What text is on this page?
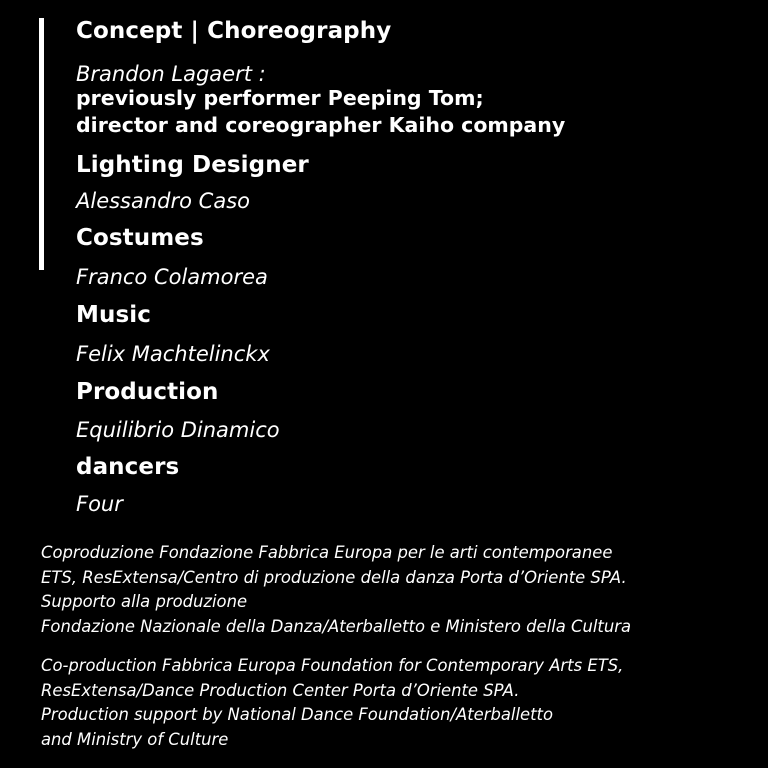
Concept | Choreography
Brandon Lagaert :
previously performer Peeping Tom;
director and coreographer Kaiho company
Lighting Designer
Alessandro Caso
Costumes
Franco Colamorea
Music
Felix Machtelinckx
Production
Equilibrio Dinamico
dancers
Four
Coproduzione Fondazione Fabbrica Europa per le arti contemporanee
ETS, ResExtensa/Centro di produzione della danza Porta d’Oriente SPA.
Supporto alla produzione
Fondazione Nazionale della Danza/Aterballetto e Ministero della Cultura
Co-production Fabbrica Europa Foundation for Contemporary Arts ETS,
ResExtensa/Dance Production Center Porta d’Oriente SPA.
Production support by National Dance Foundation/Aterballetto
and Ministry of Culture
